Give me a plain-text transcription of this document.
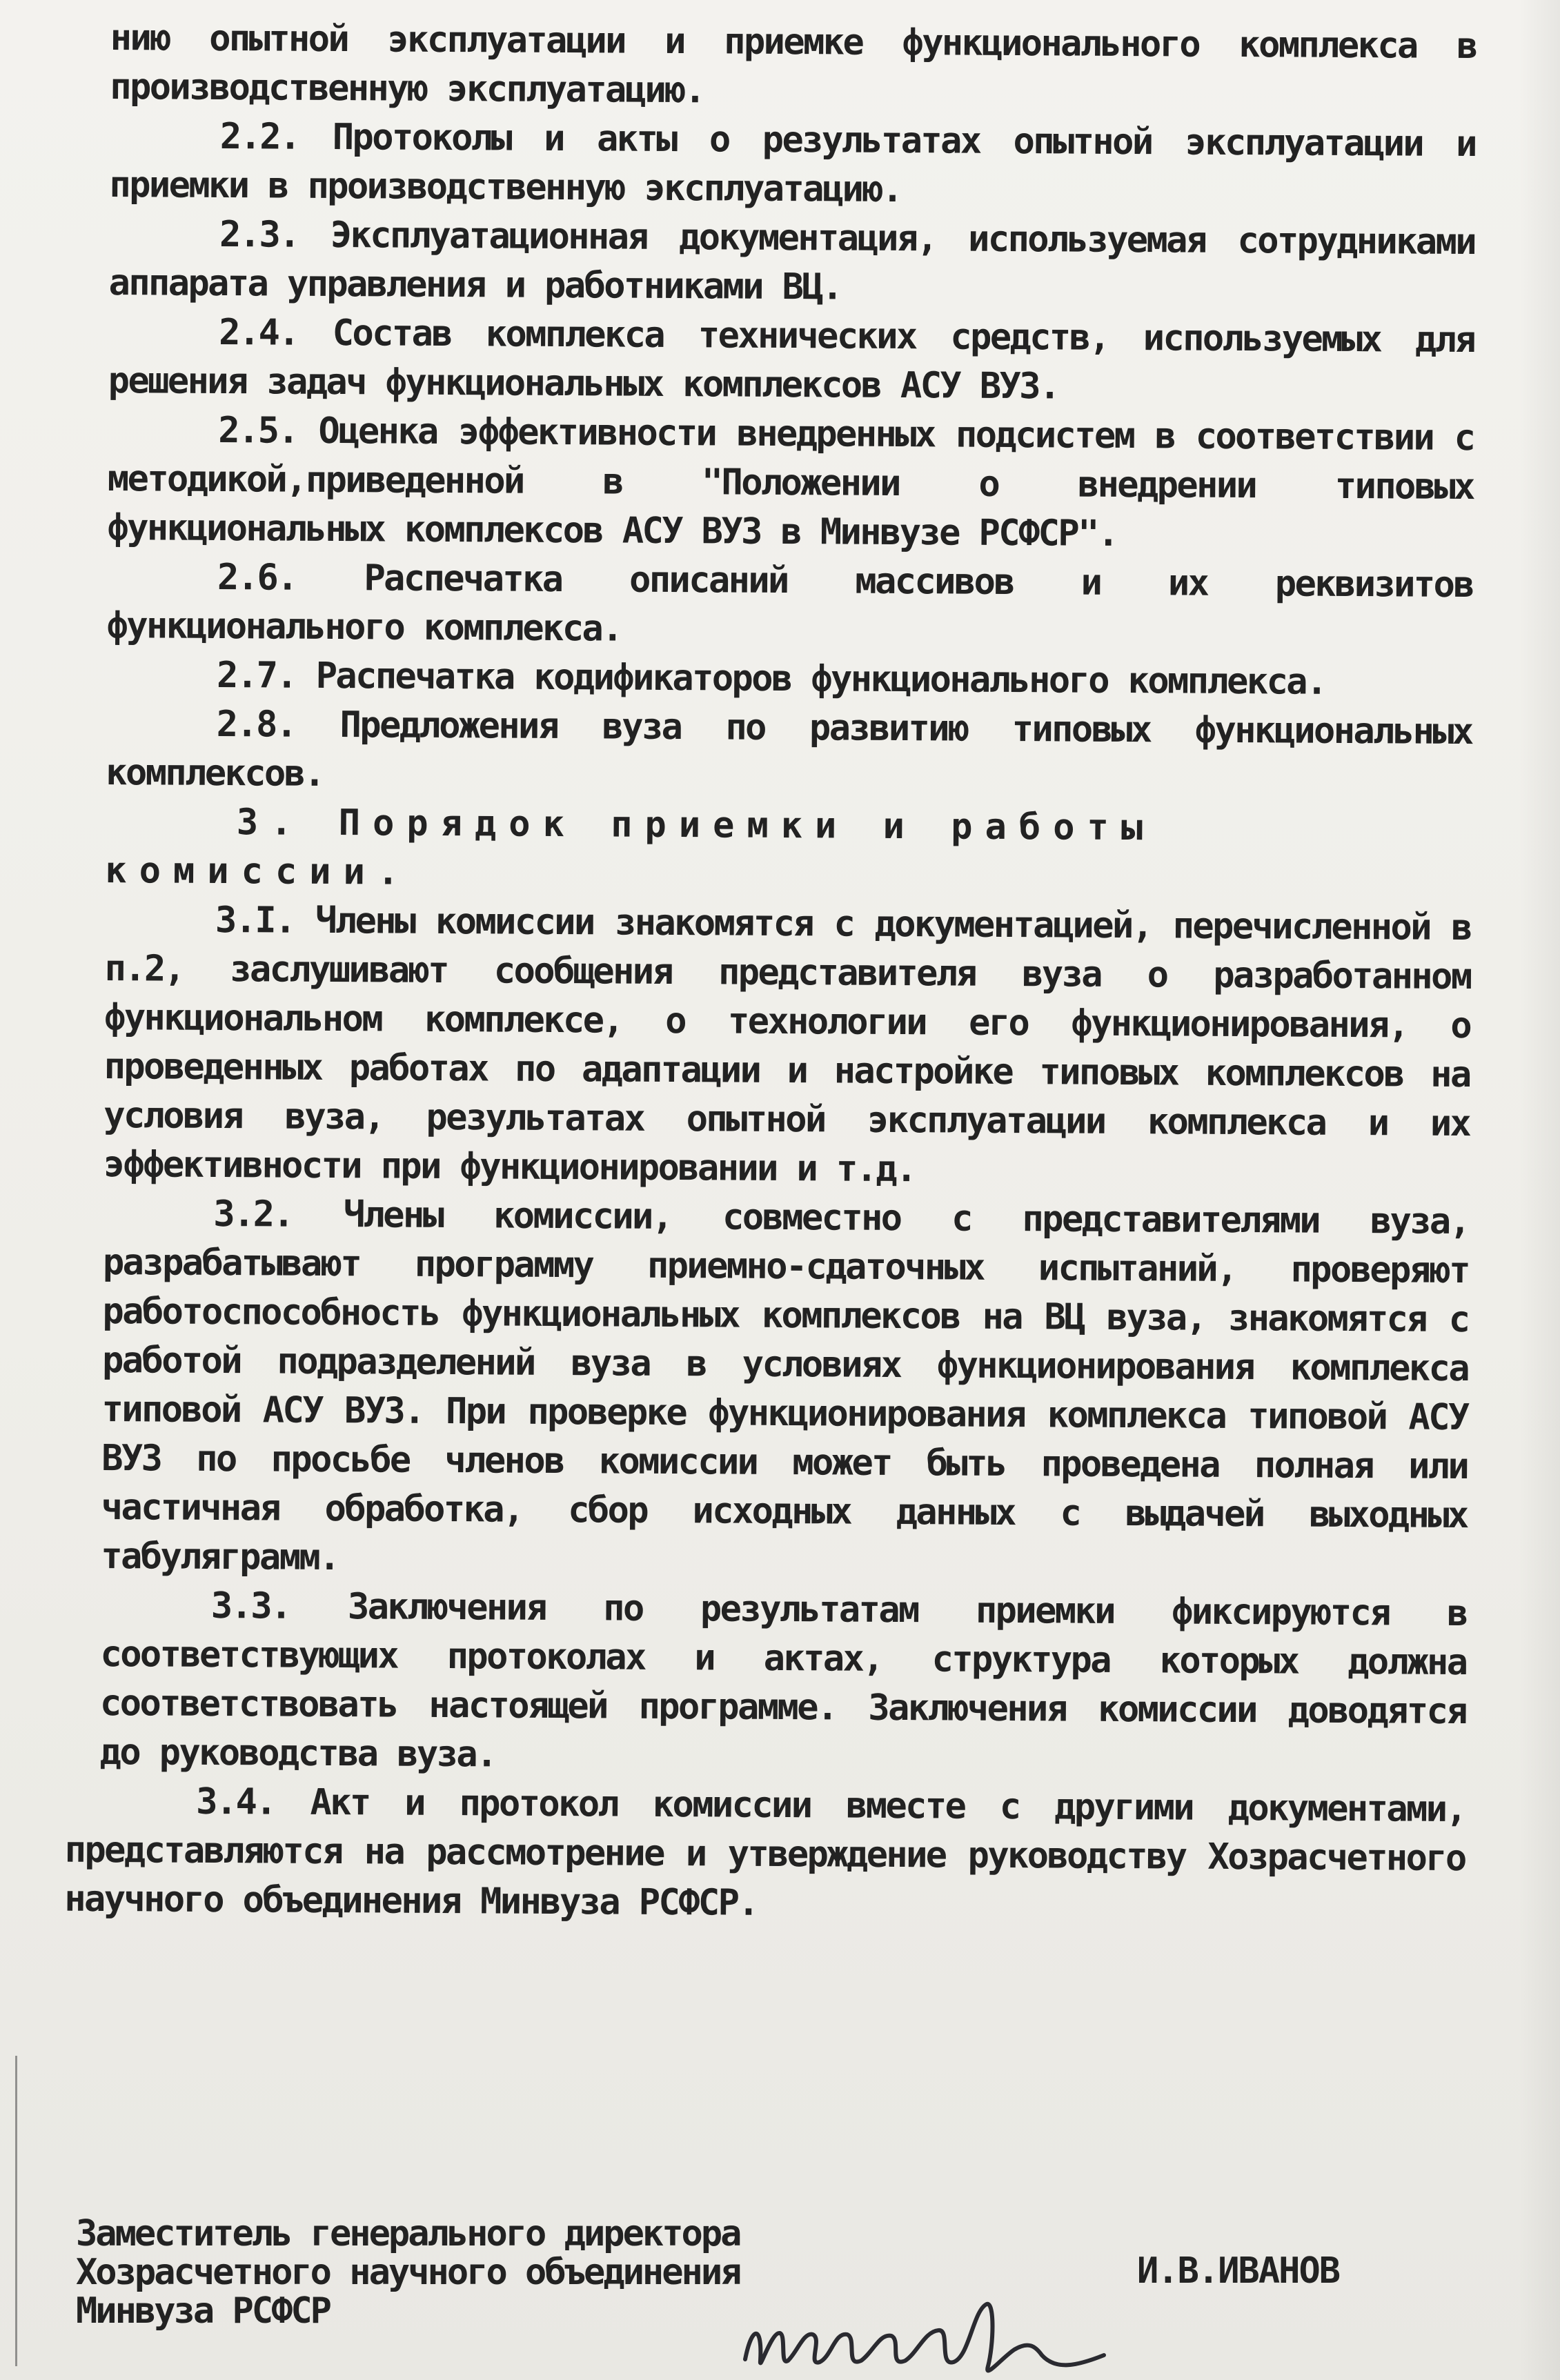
нию опытной эксплуатации и приемке функционального комплекса в производственную эксплуатацию.

2.2. Протоколы и акты о результатах опытной эксплуатации и приемки в производственную эксплуатацию.

2.3. Эксплуатационная документация, используемая сотрудниками аппарата управления и работниками ВЦ.

2.4. Состав комплекса технических средств, используемых для решения задач функциональных комплексов АСУ ВУЗ.

2.5. Оценка эффективности внедренных подсистем в соответствии с методикой,приведенной в "Положении о внедрении типовых функциональных комплексов АСУ ВУЗ в Минвузе РСФСР".

2.6. Распечатка описаний массивов и их реквизитов функционального комплекса.

2.7. Распечатка кодификаторов функционального комплекса.

2.8. Предложения вуза по развитию типовых функциональных комплексов.

3. Порядок приемки и работы комиссии.

3.I. Члены комиссии знакомятся с документацией, перечисленной в п.2, заслушивают сообщения представителя вуза о разработанном функциональном комплексе, о технологии его функционирования, о проведенных работах по адаптации и настройке типовых комплексов на условия вуза, результатах опытной эксплуатации комплекса и их эффективности при функционировании и т.д.

3.2. Члены комиссии, совместно с представителями вуза, разрабатывают программу приемно-сдаточных испытаний, проверяют работоспособность функциональных комплексов на ВЦ вуза, знакомятся с работой подразделений вуза в условиях функционирования комплекса типовой АСУ ВУЗ. При проверке функционирования комплекса типовой АСУ ВУЗ по просьбе членов комиссии может быть проведена полная или частичная обработка, сбор исходных данных с выдачей выходных табуляграмм.

3.3. Заключения по результатам приемки фиксируются в соответствующих протоколах и актах, структура которых должна соответствовать настоящей программе. Заключения комиссии доводятся до руководства вуза.

3.4. Акт и протокол комиссии вместе с другими документами, представляются на рассмотрение и утверждение руководству Хозрасчетного научного объединения Минвуза РСФСР.

Заместитель генерального директора
Хозрасчетного научного объединения
Минвуза РСФСР
И.В.ИВАНОВ
